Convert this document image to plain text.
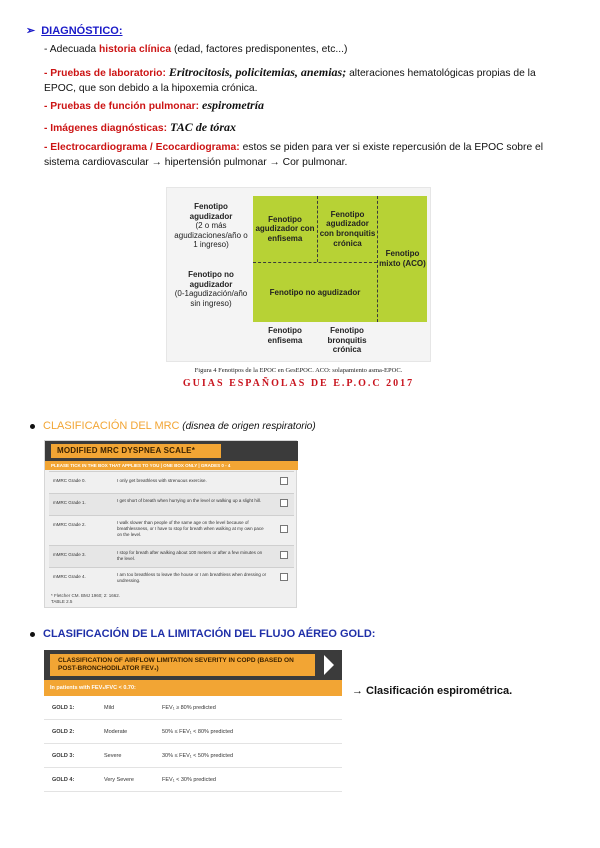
➢ DIAGNÓSTICO:
- Adecuada historia clínica (edad, factores predisponentes, etc...)
- Pruebas de laboratorio: Eritrocitosis, policitemias, anemias; alteraciones hematológicas propias de la EPOC, que son debido a la hipoxemia crónica.
- Pruebas de función pulmonar: espirometría
- Imágenes diagnósticas: TAC de tórax
- Electrocardiograma / Ecocardiograma: estos se piden para ver si existe repercusión de la EPOC sobre el sistema cardiovascular → hipertensión pulmonar → Cor pulmonar.
Fenotipo agudizador
(2 o más agudizaciones/año o 1 ingreso)
Fenotipo no agudizador
(0-1agudización/año sin ingreso)
Fenotipo agudizador con enfisema
Fenotipo agudizador con bronquitis crónica
Fenotipo no agudizador
Fenotipo mixto (ACO)
Fenotipo enfisema
Fenotipo bronquitis crónica
Figura 4 Fenotipos de la EPOC en GesEPOC. ACO: solapamiento asma-EPOC.
GUIAS ESPAÑOLAS DE E.P.O.C 2017
CLASIFICACIÓN DEL MRC (disnea de origen respiratorio)
MODIFIED MRC DYSPNEA SCALE*
PLEASE TICK IN THE BOX THAT APPLIES TO YOU | ONE BOX ONLY | GRADES 0 - 4
mMRC Grade 0.	I only get breathless with strenuous exercise.
mMRC Grade 1.	I get short of breath when hurrying on the level or walking up a slight hill.
mMRC Grade 2.	I walk slower than people of the same age on the level because of breathlessness, or I have to stop for breath when walking at my own pace on the level.
mMRC Grade 3.	I stop for breath after walking about 100 meters or after a few minutes on the level.
mMRC Grade 4.	I am too breathless to leave the house or I am breathless when dressing or undressing.
* Fletcher CM. BMJ 1960; 2: 1662.
TABLE 2.5
CLASIFICACIÓN DE LA LIMITACIÓN DEL FLUJO AÉREO GOLD:
CLASSIFICATION OF AIRFLOW LIMITATION SEVERITY IN COPD (BASED ON POST-BRONCHODILATOR FEV₁)
In patients with FEV₁/FVC < 0.70:
GOLD 1:	Mild	FEV₁ ≥ 80% predicted
GOLD 2:	Moderate	50% ≤ FEV₁ < 80% predicted
GOLD 3:	Severe	30% ≤ FEV₁ < 50% predicted
GOLD 4:	Very Severe	FEV₁ < 30% predicted
→ Clasificación espirométrica.
